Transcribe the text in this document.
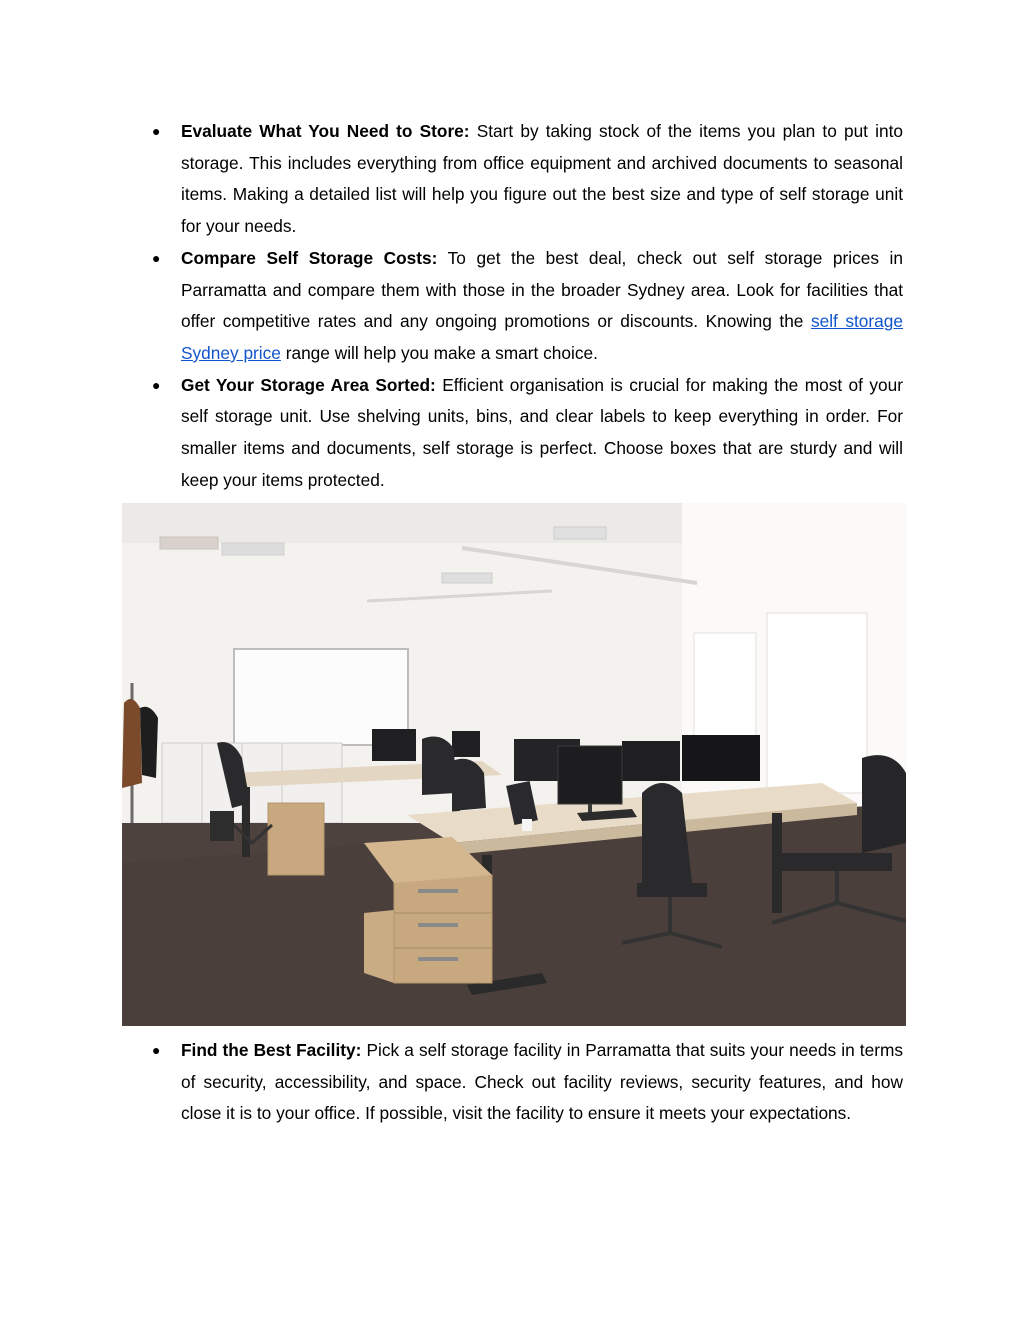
● Evaluate What You Need to Store: Start by taking stock of the items you plan to put into storage. This includes everything from office equipment and archived documents to seasonal items. Making a detailed list will help you figure out the best size and type of self storage unit for your needs.
● Compare Self Storage Costs: To get the best deal, check out self storage prices in Parramatta and compare them with those in the broader Sydney area. Look for facilities that offer competitive rates and any ongoing promotions or discounts. Knowing the self storage Sydney price range will help you make a smart choice.
● Get Your Storage Area Sorted: Efficient organisation is crucial for making the most of your self storage unit. Use shelving units, bins, and clear labels to keep everything in order. For smaller items and documents, self storage is perfect. Choose boxes that are sturdy and will keep your items protected.
● Find the Best Facility: Pick a self storage facility in Parramatta that suits your needs in terms of security, accessibility, and space. Check out facility reviews, security features, and how close it is to your office. If possible, visit the facility to ensure it meets your expectations.
